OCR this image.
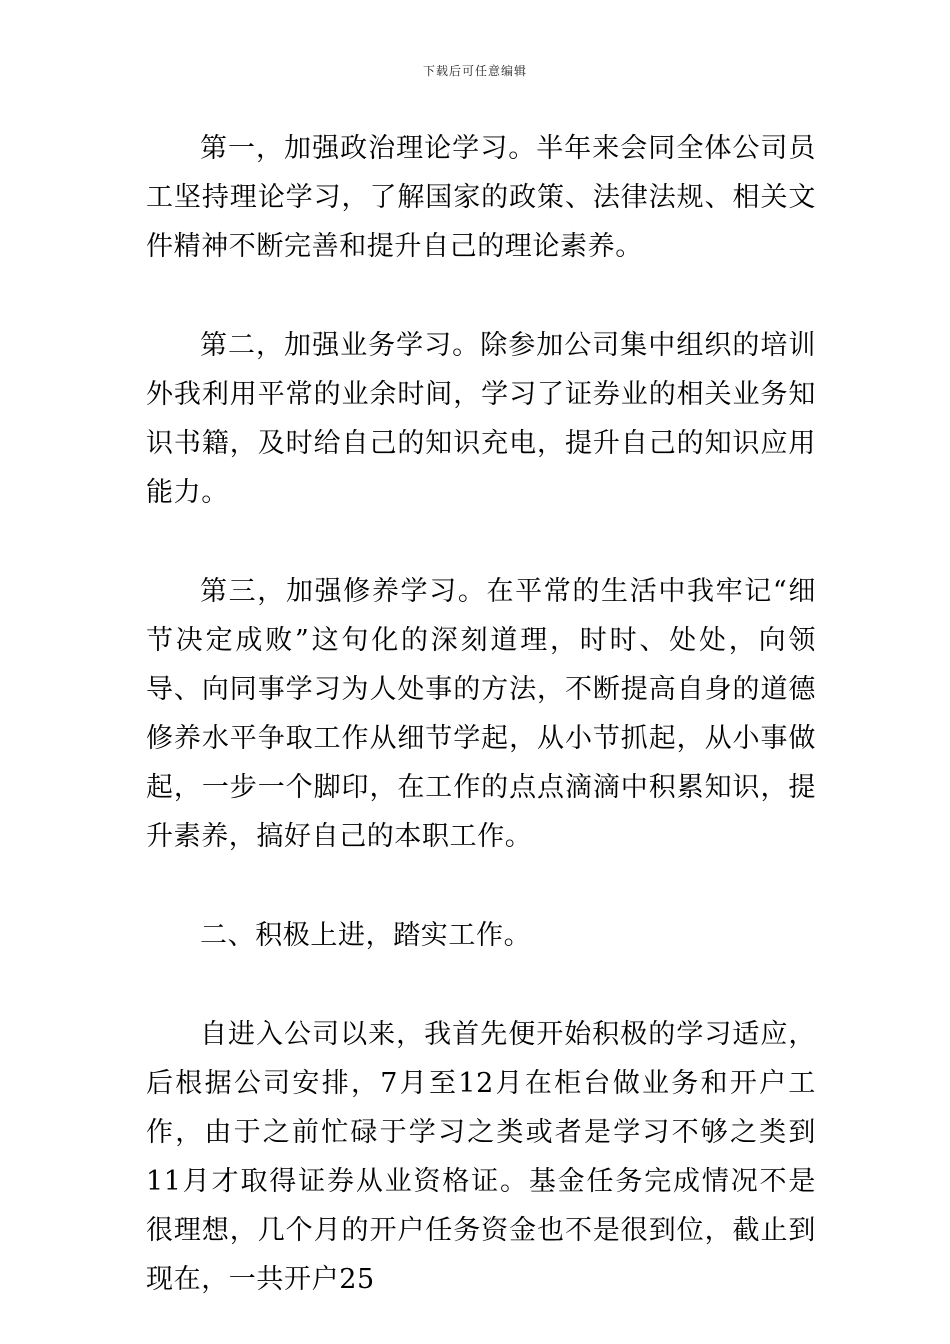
下载后可任意编辑

第一，加强政治理论学习。半年来会同全体公司员工坚持理论学习，了解国家的政策、法律法规、相关文件精神不断完善和提升自己的理论素养。

第二，加强业务学习。除参加公司集中组织的培训外我利用平常的业余时间，学习了证券业的相关业务知识书籍，及时给自己的知识充电，提升自己的知识应用能力。

第三，加强修养学习。在平常的生活中我牢记“细节决定成败”这句化的深刻道理，时时、处处，向领导、向同事学习为人处事的方法，不断提高自身的道德修养水平争取工作从细节学起，从小节抓起，从小事做起，一步一个脚印，在工作的点点滴滴中积累知识，提升素养，搞好自己的本职工作。

二、积极上进，踏实工作。

自进入公司以来，我首先便开始积极的学习适应，后根据公司安排，7月至12月在柜台做业务和开户工作，由于之前忙碌于学习之类或者是学习不够之类到11月才取得证券从业资格证。基金任务完成情况不是很理想，几个月的开户任务资金也不是很到位，截止到现在，一共开户25
